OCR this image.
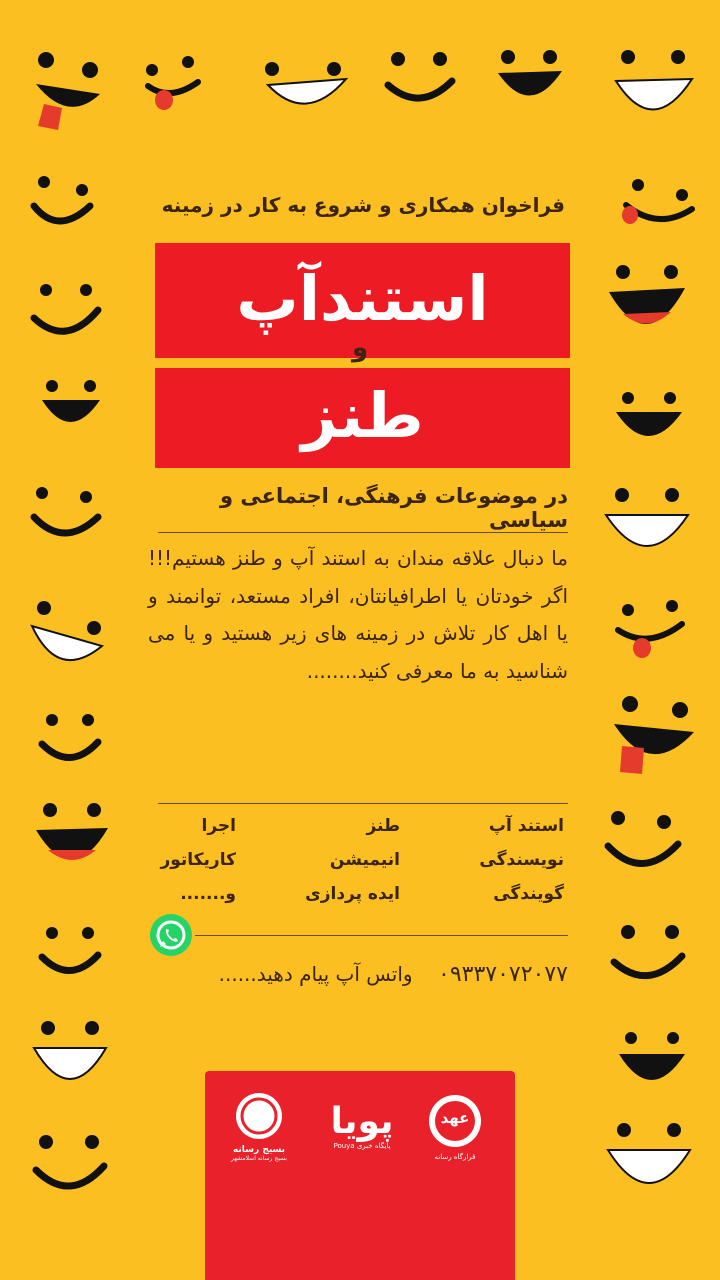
فراخوان همکاری و شروع به کار در زمینه
استندآپ
و
طنز
در موضوعات فرهنگی، اجتماعی و سیاسی
ما دنبال علاقه مندان به استند آپ و طنز هستیم!!! اگر خودتان یا اطرافیانتان، افراد مستعد، توانمند و یا اهل کار تلاش در زمینه های زیر هستید و یا می شناسید به ما معرفی کنید........
استند آپ
طنز
اجرا
نویسندگی
انیمیشن
کاریکاتور
گویندگی
ایده پردازی
و.......
۰۹۳۳۷۰۷۲۰۷۷    واتس آپ پیام دهید......
بسیج رسانه
بسیج رسانه اسلامشهر
پویا
پایگاه خبری Pouya
عهد
قرارگاه رسانه
